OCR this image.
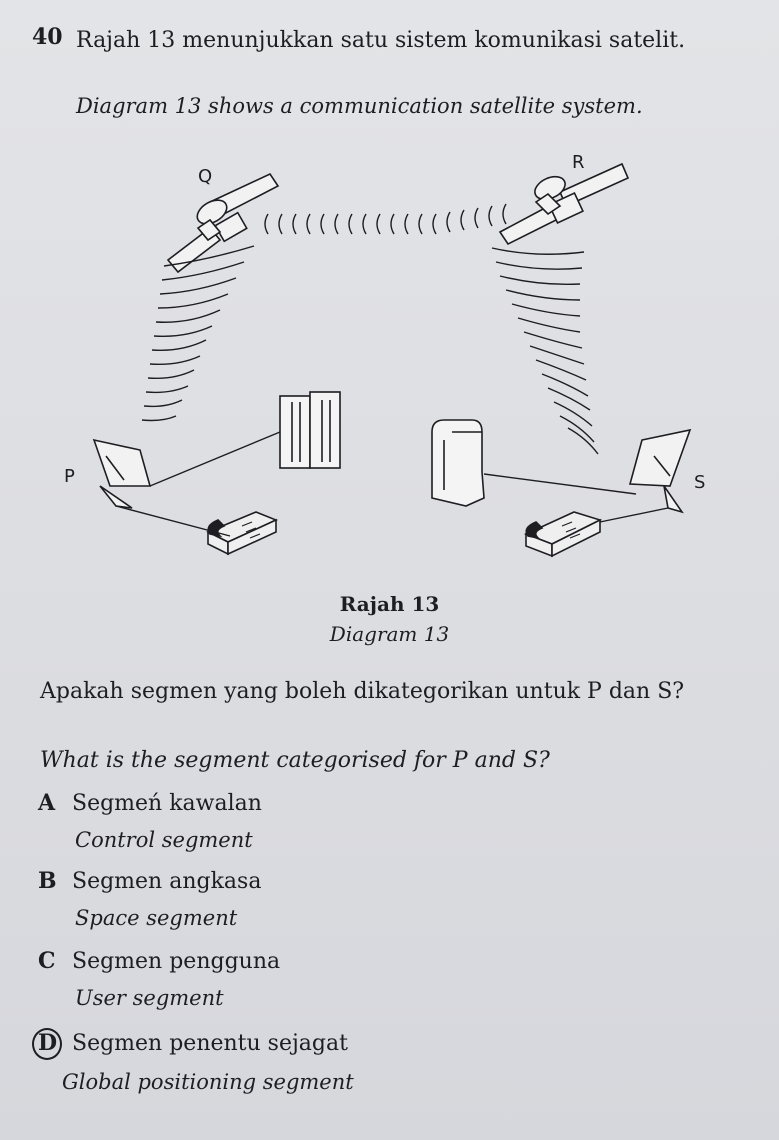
40 Rajah 13 menunjukkan satu sistem komunikasi satelit.
Diagram 13 shows a communication satellite system.
Q
R
P	S
Rajah 13
Diagram 13
Apakah segmen yang boleh dikategorikan untuk P dan S?
What is the segment categorised for P and S?
A Segmeń kawalan
Control segment
B Segmen angkasa
Space segment
C Segmen pengguna
User segment
D Segmen penentu sejagat
Global positioning segment
